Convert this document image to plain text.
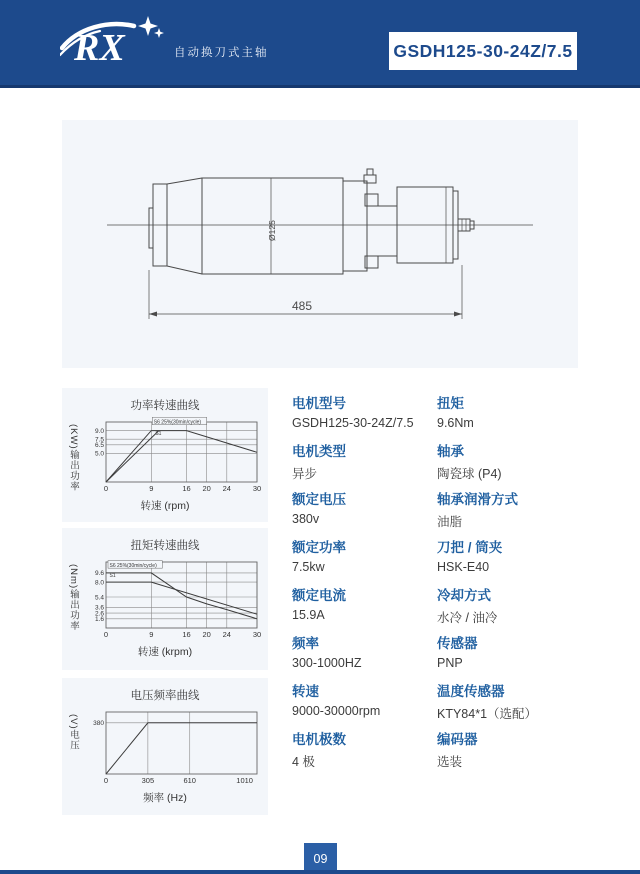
RX	自动换刀式主轴	GSDH125-30-24Z/7.5
485
Ø125
功率转速曲线
(KW)输出功率 5.0
6.5
7.5
9.0
0	9	16 20 24	30
S6 25%(30min/cycle)
S1
转速 (rpm)
扭矩转速曲线
(Nm)输出功率 1.6
2.6
3.6
5.4
8.0
9.6
0	9	16 20 24	30
S6 25%(30min/cycle)
S1
转速 (krpm)
电压频率曲线
(V)电压
380
0	305	610	1010
频率 (Hz)
电机型号
GSDH125-30-24Z/7.5
电机类型
异步
额定电压
380v
额定功率
7.5kw
额定电流
15.9A
频率
300-1000HZ
转速
9000-30000rpm
电机极数
4 极
扭矩
9.6Nm
轴承
陶瓷球 (P4)
轴承润滑方式
油脂
刀把 / 筒夹
HSK-E40
冷却方式
水冷 / 油冷
传感器
PNP
温度传感器
KTY84*1（选配）
编码器
选装
09
